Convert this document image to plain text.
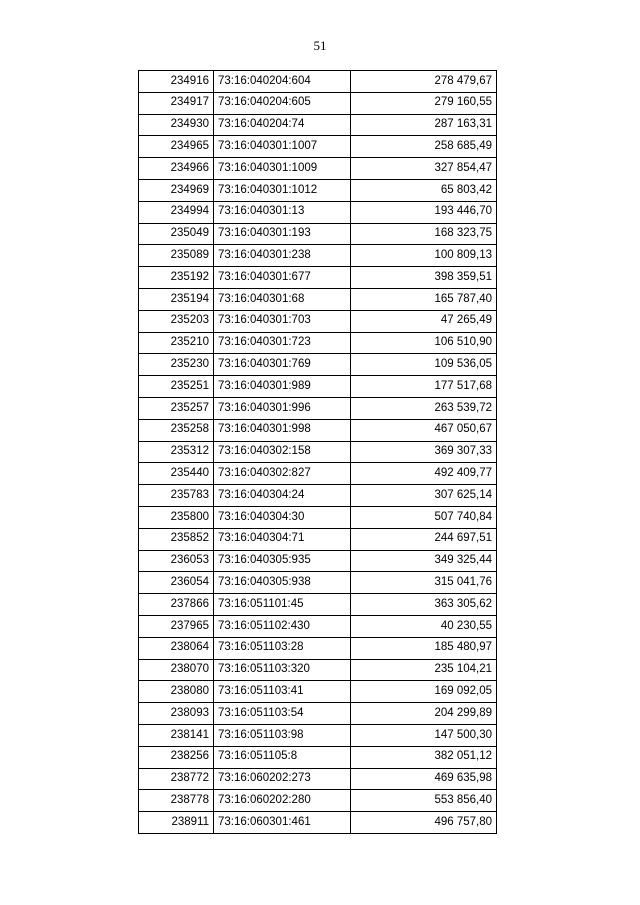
51
234916	73:16:040204:604	278 479,67
234917	73:16:040204:605	279 160,55
234930	73:16:040204:74	287 163,31
234965	73:16:040301:1007	258 685,49
234966	73:16:040301:1009	327 854,47
234969	73:16:040301:1012	65 803,42
234994	73:16:040301:13	193 446,70
235049	73:16:040301:193	168 323,75
235089	73:16:040301:238	100 809,13
235192	73:16:040301:677	398 359,51
235194	73:16:040301:68	165 787,40
235203	73:16:040301:703	47 265,49
235210	73:16:040301:723	106 510,90
235230	73:16:040301:769	109 536,05
235251	73:16:040301:989	177 517,68
235257	73:16:040301:996	263 539,72
235258	73:16:040301:998	467 050,67
235312	73:16:040302:158	369 307,33
235440	73:16:040302:827	492 409,77
235783	73:16:040304:24	307 625,14
235800	73:16:040304:30	507 740,84
235852	73:16:040304:71	244 697,51
236053	73:16:040305:935	349 325,44
236054	73:16:040305:938	315 041,76
237866	73:16:051101:45	363 305,62
237965	73:16:051102:430	40 230,55
238064	73:16:051103:28	185 480,97
238070	73:16:051103:320	235 104,21
238080	73:16:051103:41	169 092,05
238093	73:16:051103:54	204 299,89
238141	73:16:051103:98	147 500,30
238256	73:16:051105:8	382 051,12
238772	73:16:060202:273	469 635,98
238778	73:16:060202:280	553 856,40
238911	73:16:060301:461	496 757,80
